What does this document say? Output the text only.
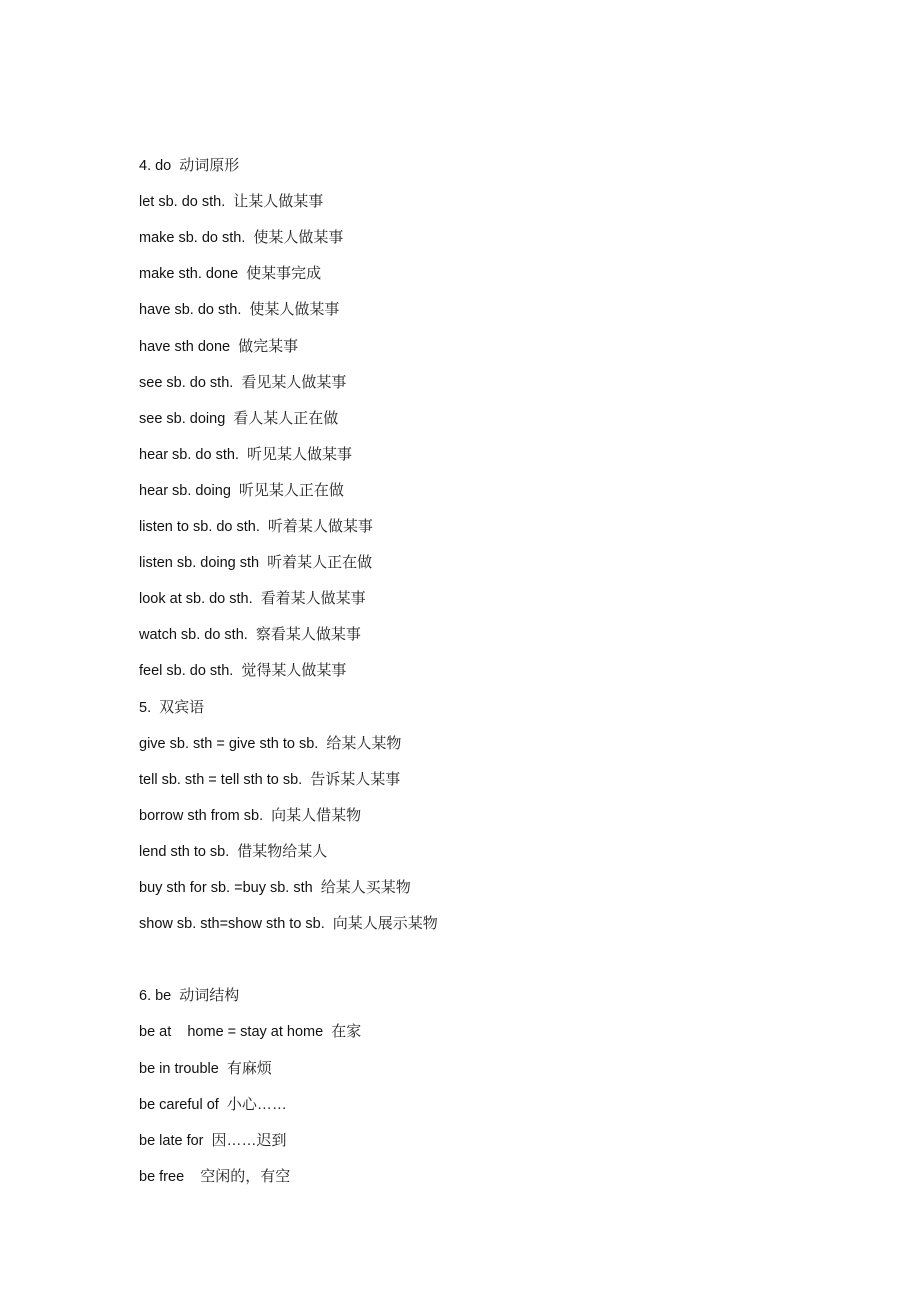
4. do 动词原形
let sb. do sth. 让某人做某事
make sb. do sth. 使某人做某事
make sth. done 使某事完成
have sb. do sth. 使某人做某事
have sth done 做完某事
see sb. do sth. 看见某人做某事
see sb. doing 看人某人正在做
hear sb. do sth. 听见某人做某事
hear sb. doing 听见某人正在做
listen to sb. do sth. 听着某人做某事
listen sb. doing sth 听着某人正在做
look at sb. do sth. 看着某人做某事
watch sb. do sth. 察看某人做某事
feel sb. do sth. 觉得某人做某事
5. 双宾语
give sb. sth = give sth to sb. 给某人某物
tell sb. sth = tell sth to sb. 告诉某人某事
borrow sth from sb. 向某人借某物
lend sth to sb. 借某物给某人
buy sth for sb. =buy sb. sth 给某人买某物
show sb. sth=show sth to sb. 向某人展示某物
6. be 动词结构
be at    home = stay at home 在家
be in trouble 有麻烦
be careful of 小心……
be late for 因……迟到
be free  空闲的，有空
